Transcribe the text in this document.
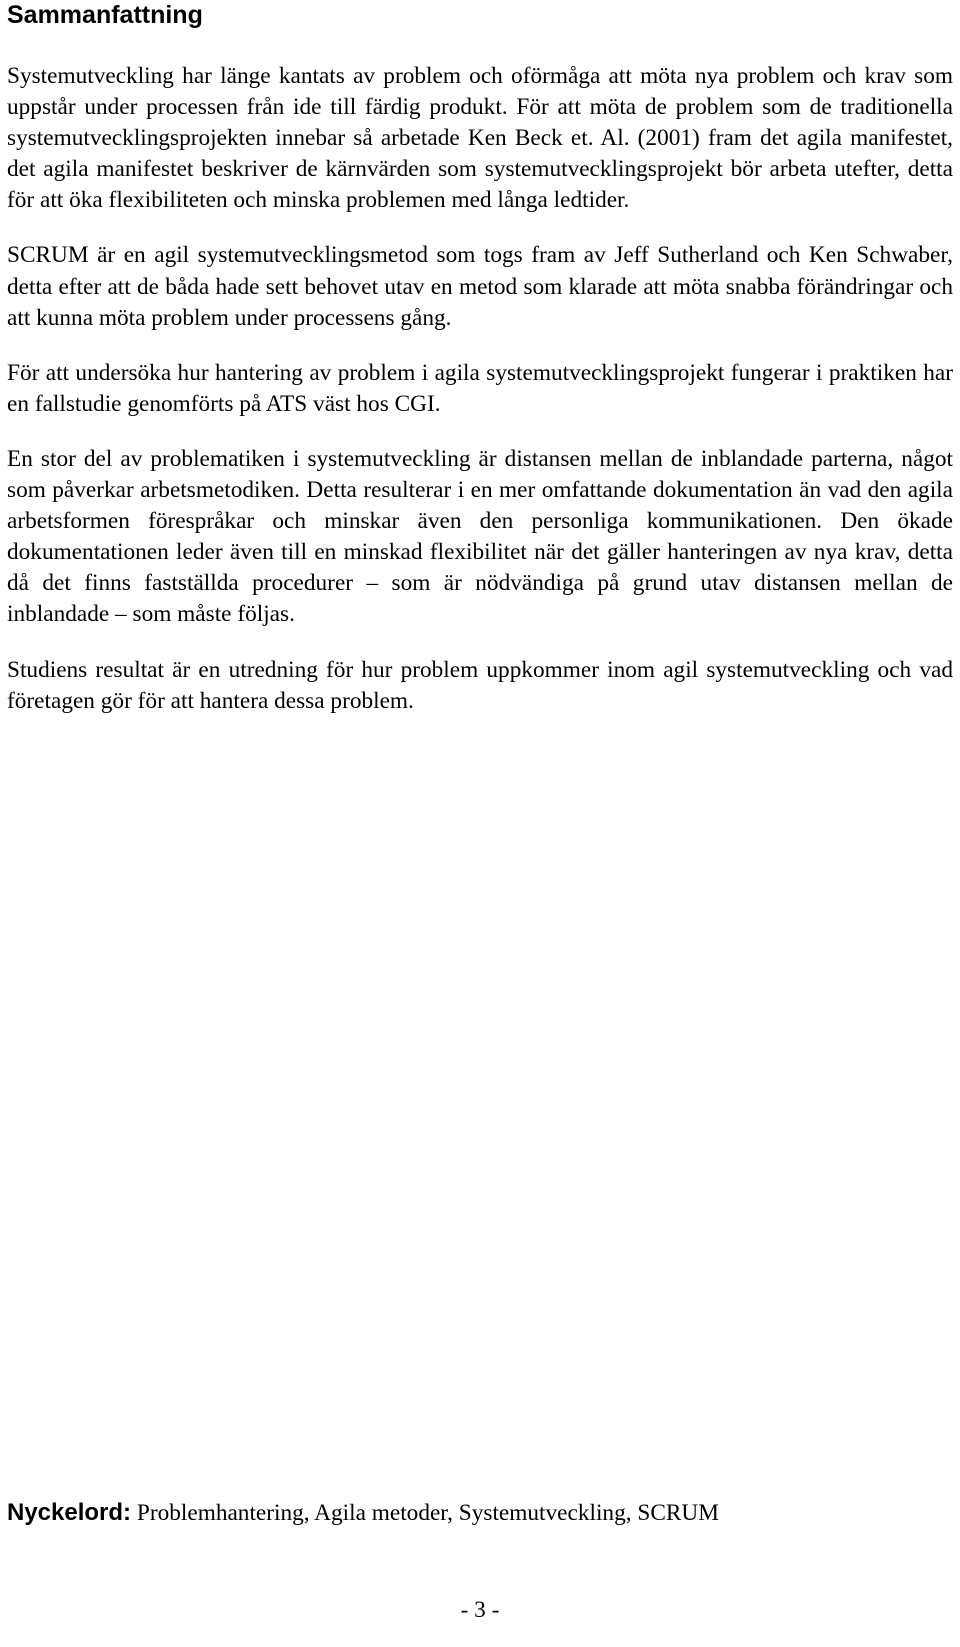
Sammanfattning

Systemutveckling har länge kantats av problem och oförmåga att möta nya problem och krav som uppstår under processen från ide till färdig produkt. För att möta de problem som de traditionella systemutvecklingsprojekten innebar så arbetade Ken Beck et. Al. (2001) fram det agila manifestet, det agila manifestet beskriver de kärnvärden som systemutvecklingsprojekt bör arbeta utefter, detta för att öka flexibiliteten och minska problemen med långa ledtider.

SCRUM är en agil systemutvecklingsmetod som togs fram av Jeff Sutherland och Ken Schwaber, detta efter att de båda hade sett behovet utav en metod som klarade att möta snabba förändringar och att kunna möta problem under processens gång.

För att undersöka hur hantering av problem i agila systemutvecklingsprojekt fungerar i praktiken har en fallstudie genomförts på ATS väst hos CGI.

En stor del av problematiken i systemutveckling är distansen mellan de inblandade parterna, något som påverkar arbetsmetodiken. Detta resulterar i en mer omfattande dokumentation än vad den agila arbetsformen förespråkar och minskar även den personliga kommunikationen. Den ökade dokumentationen leder även till en minskad flexibilitet när det gäller hanteringen av nya krav, detta då det finns fastställda procedurer – som är nödvändiga på grund utav distansen mellan de inblandade – som måste följas.

Studiens resultat är en utredning för hur problem uppkommer inom agil systemutveckling och vad företagen gör för att hantera dessa problem.

Nyckelord: Problemhantering, Agila metoder, Systemutveckling, SCRUM

- 3 -
